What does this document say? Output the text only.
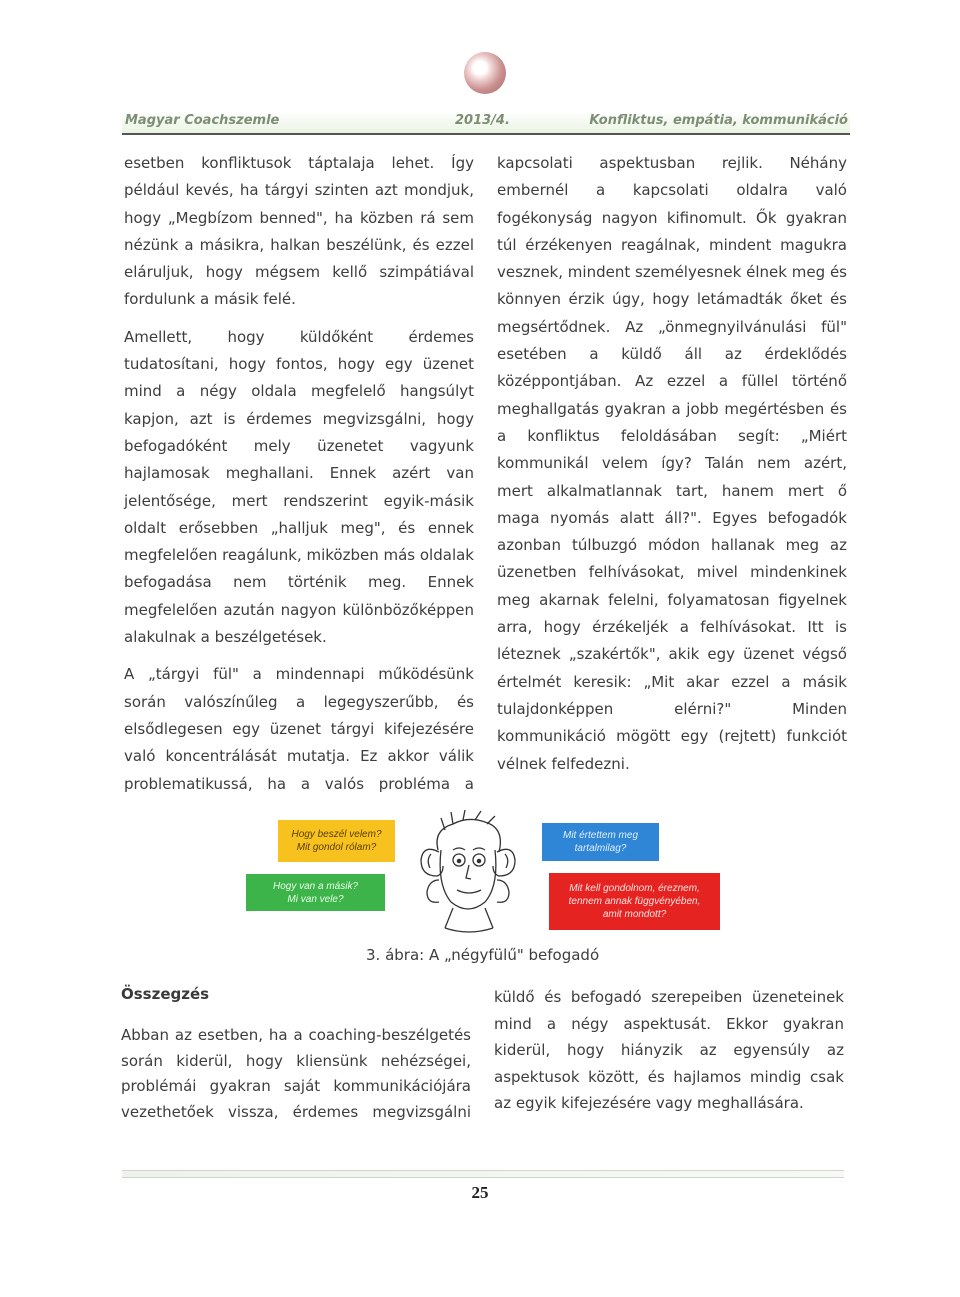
Magyar Coachszemle	2013/4.	Konfliktus, empátia, kommunikáció

esetben konfliktusok táptalaja lehet. Így

például kevés, ha tárgyi szinten azt mondjuk,

hogy „Megbízom benned", ha közben rá sem

nézünk a másikra, halkan beszélünk, és ezzel

eláruljuk, hogy mégsem kellő szimpátiával

fordulunk a másik felé.

Amellett, hogy küldőként érdemes

tudatosítani, hogy fontos, hogy egy üzenet

mind a négy oldala megfelelő hangsúlyt

kapjon, azt is érdemes megvizsgálni, hogy

befogadóként mely üzenetet vagyunk

hajlamosak meghallani. Ennek azért van

jelentősége, mert rendszerint egyik-másik

oldalt erősebben „halljuk meg", és ennek

megfelelően reagálunk, miközben más oldalak

befogadása nem történik meg. Ennek

megfelelően azután nagyon különbözőképpen

alakulnak a beszélgetések.

A „tárgyi fül" a mindennapi működésünk

során valószínűleg a legegyszerűbb, és

elsődlegesen egy üzenet tárgyi kifejezésére

való koncentrálását mutatja. Ez akkor válik

problematikussá, ha a valós probléma a

kapcsolati aspektusban rejlik. Néhány

embernél a kapcsolati oldalra való

fogékonyság nagyon kifinomult. Ők gyakran

túl érzékenyen reagálnak, mindent magukra

vesznek, mindent személyesnek élnek meg és

könnyen érzik úgy, hogy letámadták őket és

megsértődnek. Az „önmegnyilvánulási fül"

esetében a küldő áll az érdeklődés

középpontjában. Az ezzel a füllel történő

meghallgatás gyakran a jobb megértésben és

a konfliktus feloldásában segít: „Miért

kommunikál velem így? Talán nem azért,

mert alkalmatlannak tart, hanem mert ő

maga nyomás alatt áll?". Egyes befogadók

azonban túlbuzgó módon hallanak meg az

üzenetben felhívásokat, mivel mindenkinek

meg akarnak felelni, folyamatosan figyelnek

arra, hogy érzékeljék a felhívásokat. Itt is

léteznek „szakértők", akik egy üzenet végső

értelmét keresik: „Mit akar ezzel a másik

tulajdonképpen elérni?" Minden

kommunikáció mögött egy (rejtett) funkciót

vélnek felfedezni.

Hogy beszél velem?
Mit gondol rólam?
Mit értettem meg
tartalmilag?
Hogy van a másik?
Mi van vele?
Mit kell gondolnom, éreznem,
tennem annak függvényében,
amit mondott?
3. ábra: A „négyfülű" befogadó
Összegzés

Abban az esetben, ha a coaching-beszélgetés

során kiderül, hogy kliensünk nehézségei,

problémái gyakran saját kommunikációjára

vezethetőek vissza, érdemes megvizsgálni

küldő és befogadó szerepeiben üzeneteinek

mind a négy aspektusát. Ekkor gyakran

kiderül, hogy hiányzik az egyensúly az

aspektusok között, és hajlamos mindig csak

az egyik kifejezésére vagy meghallására.

25
